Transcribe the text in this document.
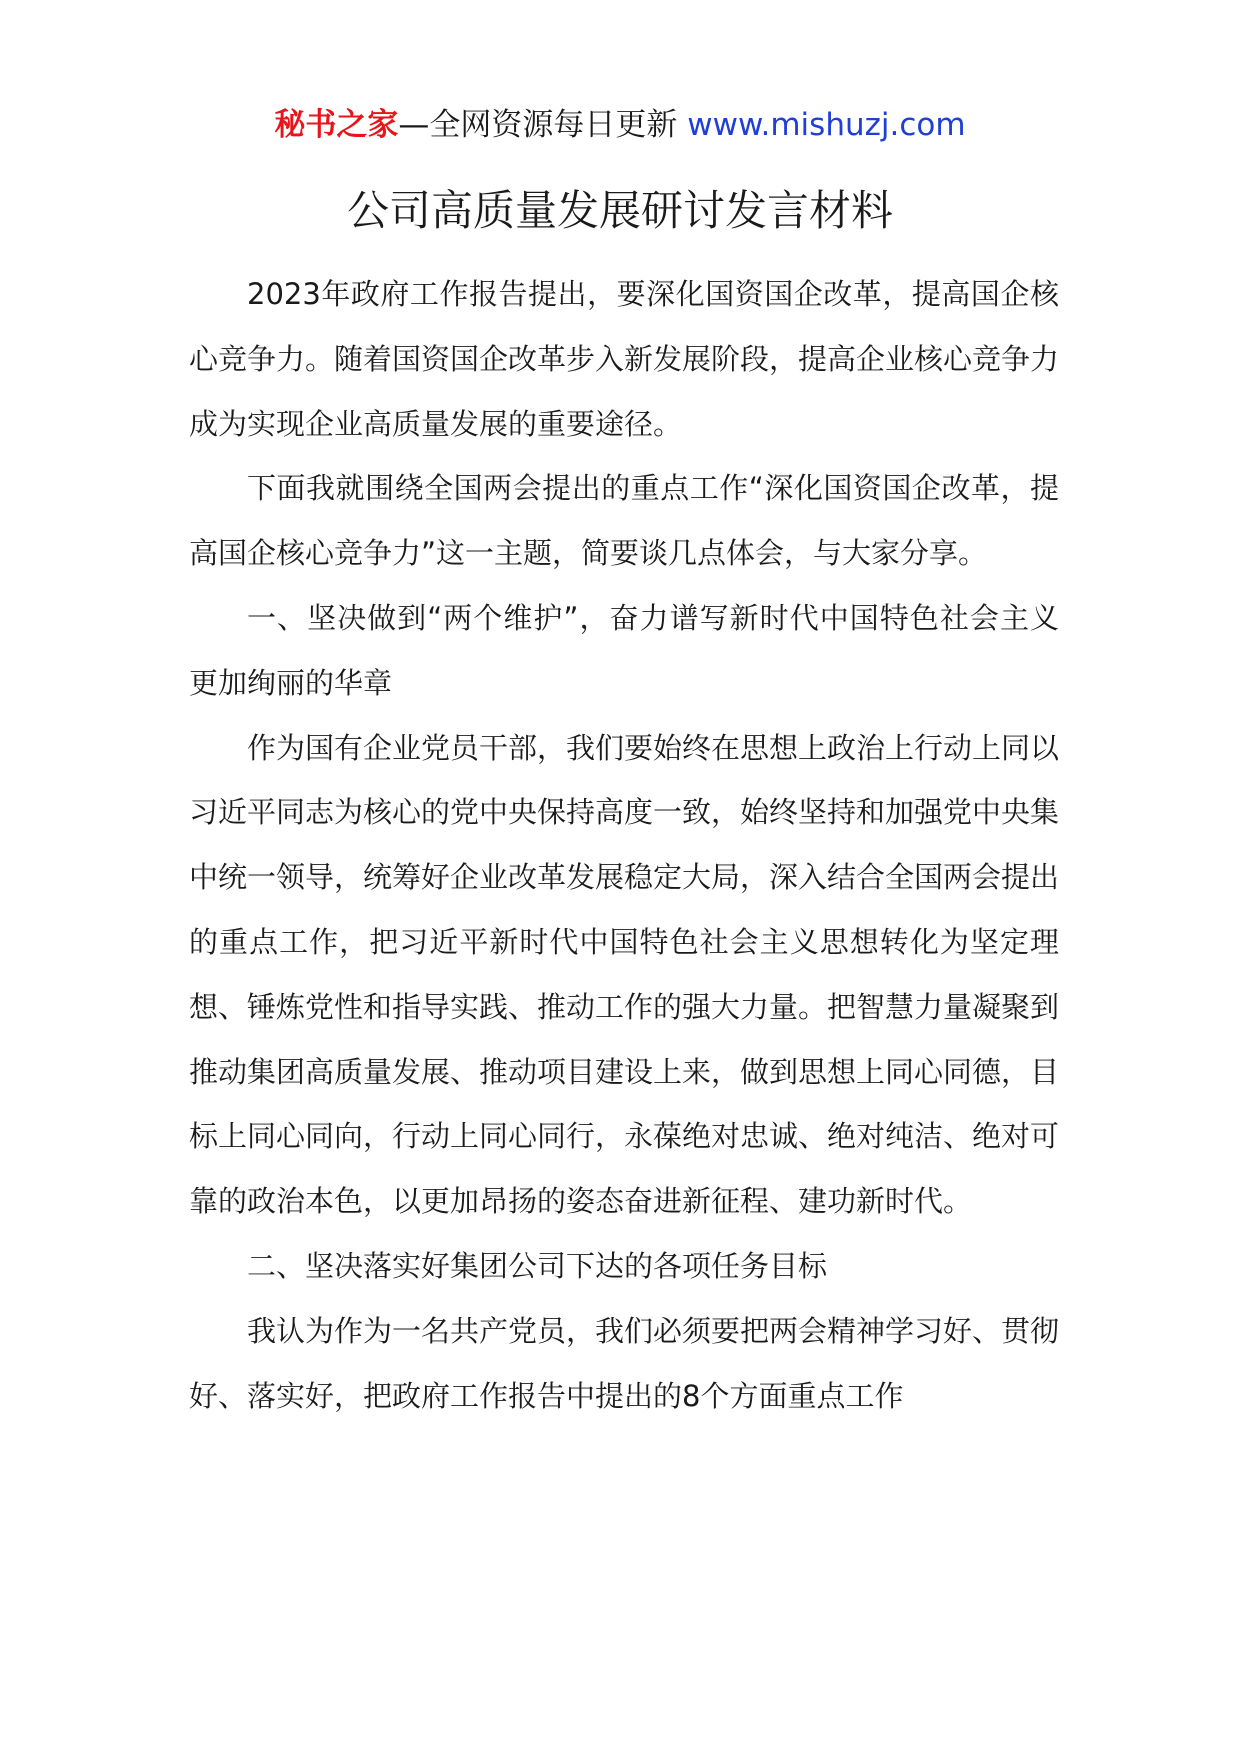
秘书之家—全网资源每日更新 www.mishuzj.com
公司高质量发展研讨发言材料

2023年政府工作报告提出，要深化国资国企改革，提高国企核心竞争力。随着国资国企改革步入新发展阶段，提高企业核心竞争力成为实现企业高质量发展的重要途径。

下面我就围绕全国两会提出的重点工作“深化国资国企改革，提高国企核心竞争力”这一主题，简要谈几点体会，与大家分享。

一、坚决做到“两个维护”，奋力谱写新时代中国特色社会主义更加绚丽的华章

作为国有企业党员干部，我们要始终在思想上政治上行动上同以习近平同志为核心的党中央保持高度一致，始终坚持和加强党中央集中统一领导，统筹好企业改革发展稳定大局，深入结合全国两会提出的重点工作，把习近平新时代中国特色社会主义思想转化为坚定理想、锤炼党性和指导实践、推动工作的强大力量。把智慧力量凝聚到推动集团高质量发展、推动项目建设上来，做到思想上同心同德，目标上同心同向，行动上同心同行，永葆绝对忠诚、绝对纯洁、绝对可靠的政治本色，以更加昂扬的姿态奋进新征程、建功新时代。

二、坚决落实好集团公司下达的各项任务目标

我认为作为一名共产党员，我们必须要把两会精神学习好、贯彻好、落实好，把政府工作报告中提出的8个方面重点工作
